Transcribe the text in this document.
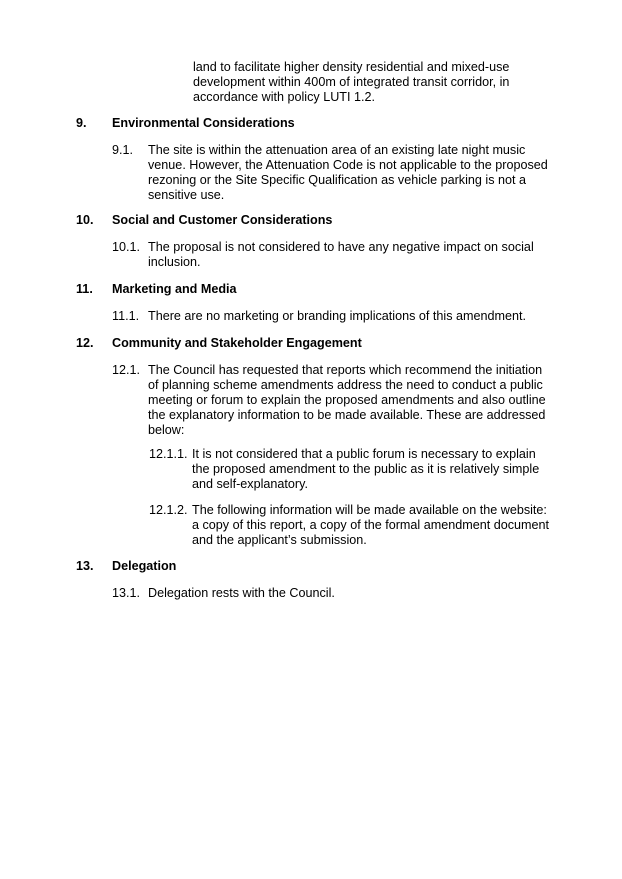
land to facilitate higher density residential and mixed-use development within 400m of integrated transit corridor, in accordance with policy LUTI 1.2.

9. Environmental Considerations

9.1. The site is within the attenuation area of an existing late night music venue. However, the Attenuation Code is not applicable to the proposed rezoning or the Site Specific Qualification as vehicle parking is not a sensitive use.

10. Social and Customer Considerations

10.1. The proposal is not considered to have any negative impact on social inclusion.

11. Marketing and Media

11.1. There are no marketing or branding implications of this amendment.

12. Community and Stakeholder Engagement

12.1. The Council has requested that reports which recommend the initiation of planning scheme amendments address the need to conduct a public meeting or forum to explain the proposed amendments and also outline the explanatory information to be made available. These are addressed below:
12.1.1. It is not considered that a public forum is necessary to explain the proposed amendment to the public as it is relatively simple and self-explanatory.
12.1.2. The following information will be made available on the website: a copy of this report, a copy of the formal amendment document and the applicant’s submission.

13. Delegation

13.1. Delegation rests with the Council.
